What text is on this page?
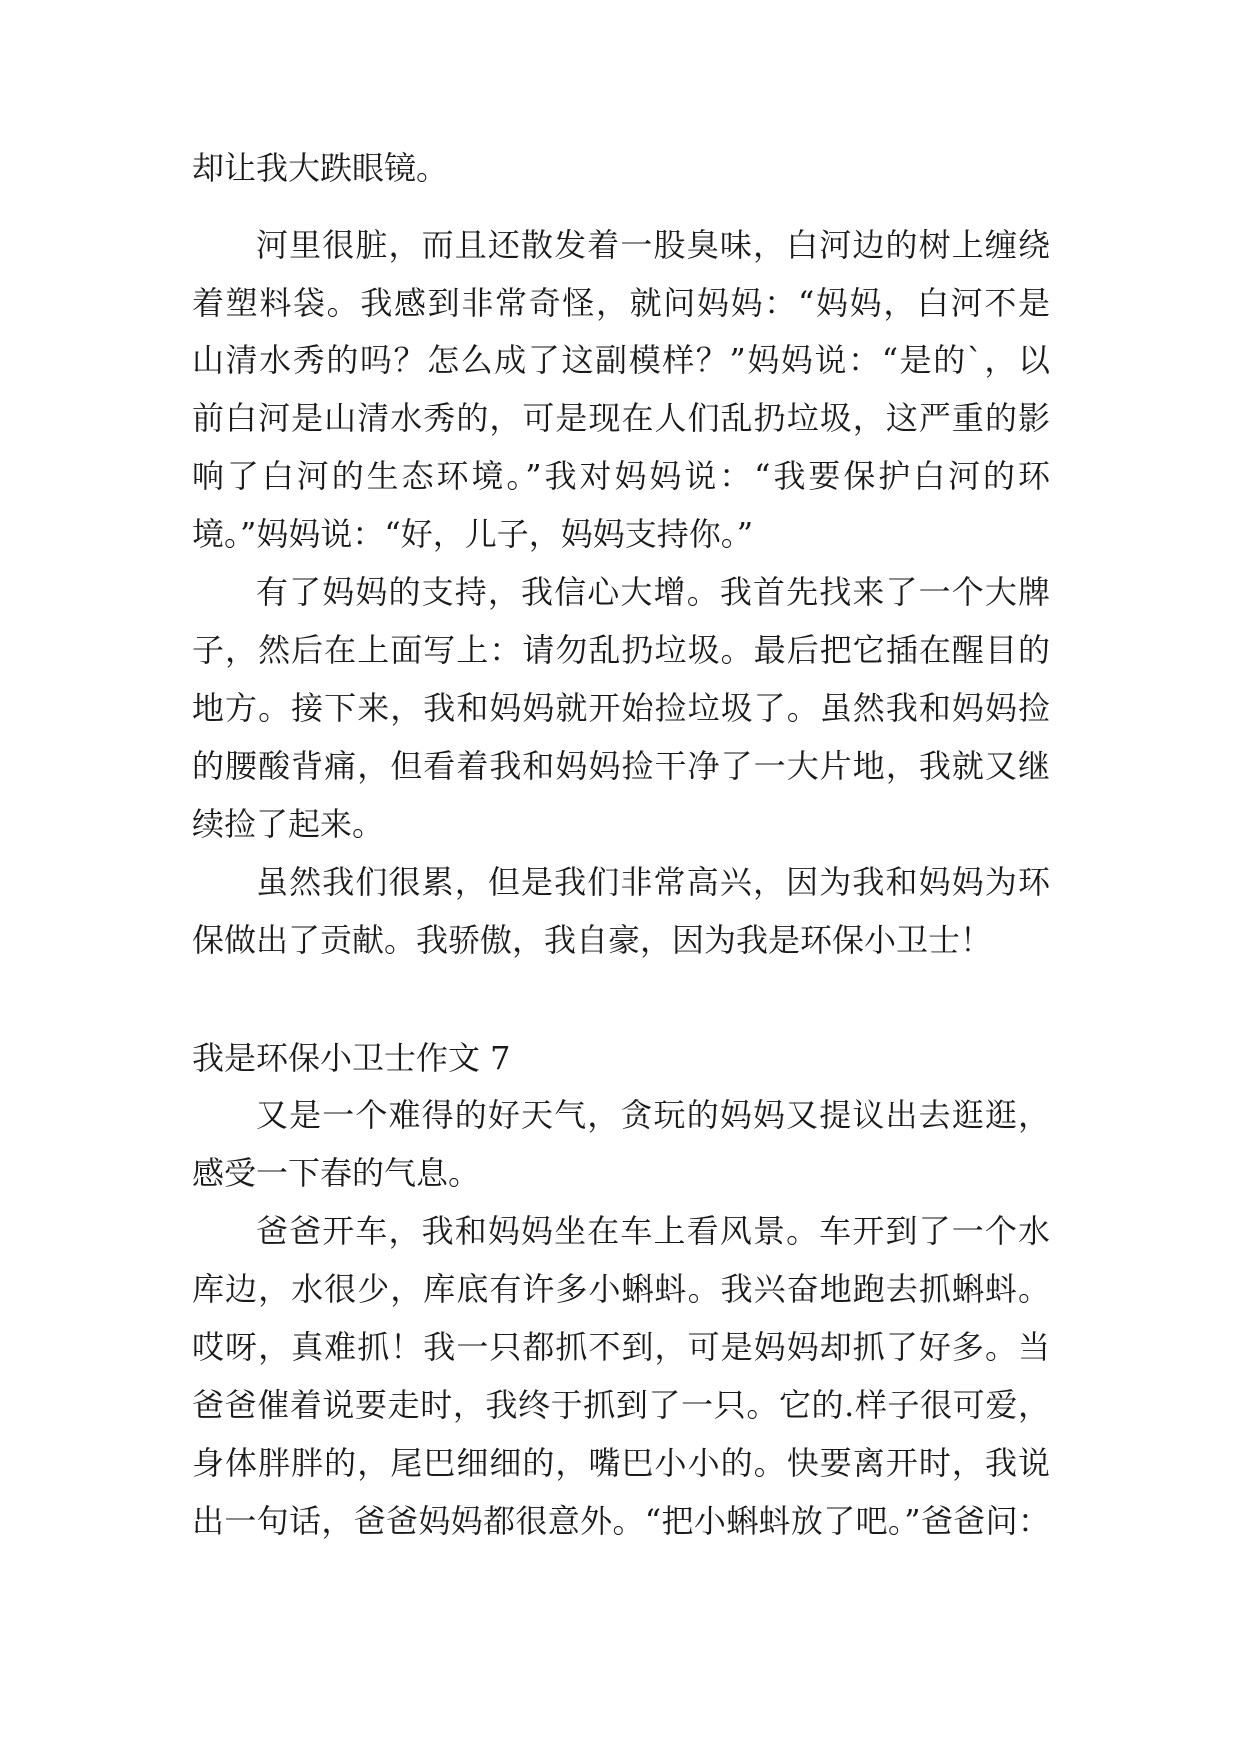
却让我大跌眼镜。
河里很脏，而且还散发着一股臭味，白河边的树上缠绕
着塑料袋。我感到非常奇怪，就问妈妈：“妈妈，白河不是
山清水秀的吗？怎么成了这副模样？”妈妈说：“是的`，以
前白河是山清水秀的，可是现在人们乱扔垃圾，这严重的影
响了白河的生态环境。”我对妈妈说：“我要保护白河的环
境。”妈妈说：“好，儿子，妈妈支持你。”
有了妈妈的支持，我信心大增。我首先找来了一个大牌
子，然后在上面写上：请勿乱扔垃圾。最后把它插在醒目的
地方。接下来，我和妈妈就开始捡垃圾了。虽然我和妈妈捡
的腰酸背痛，但看着我和妈妈捡干净了一大片地，我就又继
续捡了起来。
虽然我们很累，但是我们非常高兴，因为我和妈妈为环
保做出了贡献。我骄傲，我自豪，因为我是环保小卫士！
我是环保小卫士作文 7
又是一个难得的好天气，贪玩的妈妈又提议出去逛逛，
感受一下春的气息。
爸爸开车，我和妈妈坐在车上看风景。车开到了一个水
库边，水很少，库底有许多小蝌蚪。我兴奋地跑去抓蝌蚪。
哎呀，真难抓！我一只都抓不到，可是妈妈却抓了好多。当
爸爸催着说要走时，我终于抓到了一只。它的.样子很可爱，
身体胖胖的，尾巴细细的，嘴巴小小的。快要离开时，我说
出一句话，爸爸妈妈都很意外。“把小蝌蚪放了吧。”爸爸问：
